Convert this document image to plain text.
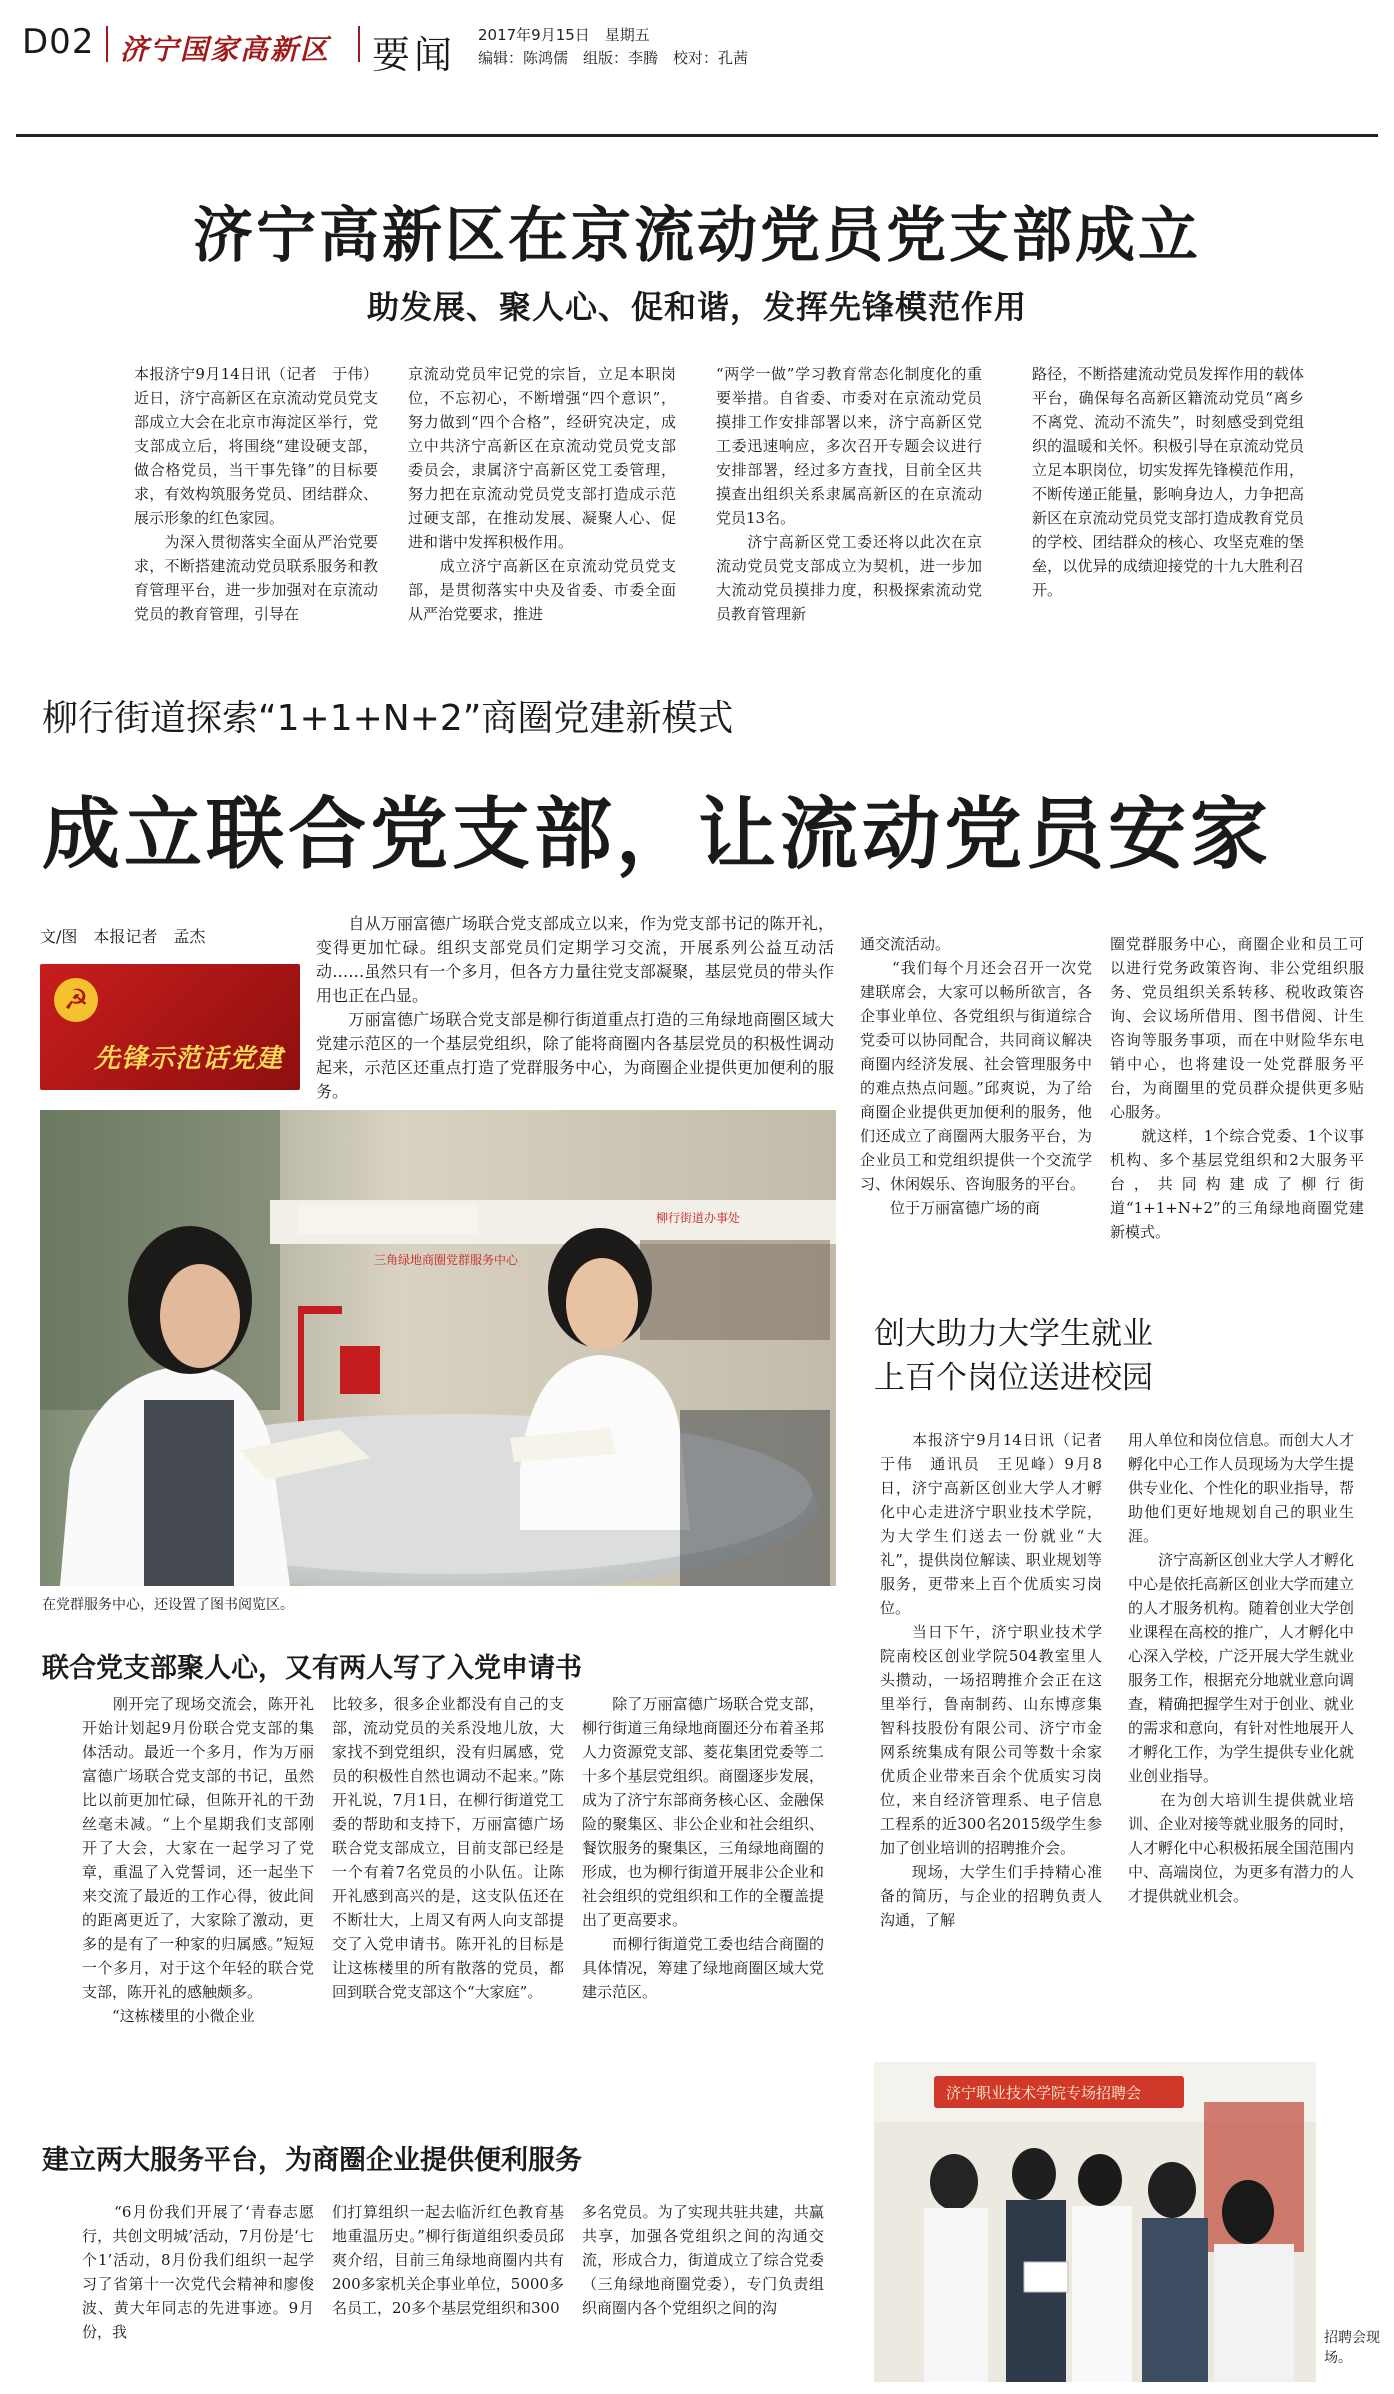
D02 济宁国家高新区 要闻 2017年9月15日　星期五
编辑：陈鸿儒　组版：李腾　校对：孔茜
济宁高新区在京流动党员党支部成立
助发展、聚人心、促和谐，发挥先锋模范作用
本报济宁9月14日讯（记者　于伟）近日，济宁高新区在京流动党员党支部成立大会在北京市海淀区举行，党支部成立后，将围绕“建设硬支部，做合格党员，当干事先锋”的目标要求，有效构筑服务党员、团结群众、展示形象的红色家园。
　　为深入贯彻落实全面从严治党要求，不断搭建流动党员联系服务和教育管理平台，进一步加强对在京流动党员的教育管理，引导在
京流动党员牢记党的宗旨，立足本职岗位，不忘初心，不断增强“四个意识”，努力做到“四个合格”，经研究决定，成立中共济宁高新区在京流动党员党支部委员会，隶属济宁高新区党工委管理，努力把在京流动党员党支部打造成示范过硬支部，在推动发展、凝聚人心、促进和谐中发挥积极作用。
　　成立济宁高新区在京流动党员党支部，是贯彻落实中央及省委、市委全面从严治党要求，推进
“两学一做”学习教育常态化制度化的重要举措。自省委、市委对在京流动党员摸排工作安排部署以来，济宁高新区党工委迅速响应，多次召开专题会议进行安排部署，经过多方查找，目前全区共摸查出组织关系隶属高新区的在京流动党员13名。
　　济宁高新区党工委还将以此次在京流动党员党支部成立为契机，进一步加大流动党员摸排力度，积极探索流动党员教育管理新
路径，不断搭建流动党员发挥作用的载体平台，确保每名高新区籍流动党员“离乡不离党、流动不流失”，时刻感受到党组织的温暖和关怀。积极引导在京流动党员立足本职岗位，切实发挥先锋模范作用，不断传递正能量，影响身边人，力争把高新区在京流动党员党支部打造成教育党员的学校、团结群众的核心、攻坚克难的堡垒，以优异的成绩迎接党的十九大胜利召开。
柳行街道探索“1+1+N+2”商圈党建新模式
成立联合党支部，让流动党员安家
文/图　本报记者　孟杰
☭
先锋示范话党建
　　自从万丽富德广场联合党支部成立以来，作为党支部书记的陈开礼，变得更加忙碌。组织支部党员们定期学习交流，开展系列公益互动活动……虽然只有一个多月，但各方力量往党支部凝聚，基层党员的带头作用也正在凸显。
　　万丽富德广场联合党支部是柳行街道重点打造的三角绿地商圈区域大党建示范区的一个基层党组织，除了能将商圈内各基层党员的积极性调动起来，示范区还重点打造了党群服务中心，为商圈企业提供更加便利的服务。
三角绿地商圈党群服务中心
柳行街道办事处
在党群服务中心，还设置了图书阅览区。
联合党支部聚人心，又有两人写了入党申请书
　　刚开完了现场交流会，陈开礼开始计划起9月份联合党支部的集体活动。最近一个多月，作为万丽富德广场联合党支部的书记，虽然比以前更加忙碌，但陈开礼的干劲丝毫未减。“上个星期我们支部刚开了大会，大家在一起学习了党章，重温了入党誓词，还一起坐下来交流了最近的工作心得，彼此间的距离更近了，大家除了激动，更多的是有了一种家的归属感。”短短一个多月，对于这个年轻的联合党支部，陈开礼的感触颇多。
　　“这栋楼里的小微企业
比较多，很多企业都没有自己的支部，流动党员的关系没地儿放，大家找不到党组织，没有归属感，党员的积极性自然也调动不起来。”陈开礼说，7月1日，在柳行街道党工委的帮助和支持下，万丽富德广场联合党支部成立，目前支部已经是一个有着7名党员的小队伍。让陈开礼感到高兴的是，这支队伍还在不断壮大，上周又有两人向支部提交了入党申请书。陈开礼的目标是让这栋楼里的所有散落的党员，都回到联合党支部这个“大家庭”。
　　除了万丽富德广场联合党支部，柳行街道三角绿地商圈还分布着圣邦人力资源党支部、菱花集团党委等二十多个基层党组织。商圈逐步发展，成为了济宁东部商务核心区、金融保险的聚集区、非公企业和社会组织、餐饮服务的聚集区，三角绿地商圈的形成，也为柳行街道开展非公企业和社会组织的党组织和工作的全覆盖提出了更高要求。
　　而柳行街道党工委也结合商圈的具体情况，筹建了绿地商圈区域大党建示范区。
通交流活动。
　　“我们每个月还会召开一次党建联席会，大家可以畅所欲言，各企事业单位、各党组织与街道综合党委可以协同配合，共同商议解决商圈内经济发展、社会管理服务中的难点热点问题。”邱爽说，为了给商圈企业提供更加便利的服务，他们还成立了商圈两大服务平台，为企业员工和党组织提供一个交流学习、休闲娱乐、咨询服务的平台。
　　位于万丽富德广场的商
圈党群服务中心，商圈企业和员工可以进行党务政策咨询、非公党组织服务、党员组织关系转移、税收政策咨询、会议场所借用、图书借阅、计生咨询等服务事项，而在中财险华东电销中心，也将建设一处党群服务平台，为商圈里的党员群众提供更多贴心服务。
　　就这样，1个综合党委、1个议事机构、多个基层党组织和2大服务平台，共同构建成了柳行街道“1+1+N+2”的三角绿地商圈党建新模式。
建立两大服务平台，为商圈企业提供便利服务
　　“6月份我们开展了‘青春志愿行，共创文明城’活动，7月份是‘七个1’活动，8月份我们组织一起学习了省第十一次党代会精神和廖俊波、黄大年同志的先进事迹。9月份，我
们打算组织一起去临沂红色教育基地重温历史。”柳行街道组织委员邱爽介绍，目前三角绿地商圈内共有200多家机关企事业单位，5000多名员工，20多个基层党组织和300
多名党员。为了实现共驻共建，共赢共享，加强各党组织之间的沟通交流，形成合力，街道成立了综合党委（三角绿地商圈党委），专门负责组织商圈内各个党组织之间的沟
创大助力大学生就业
上百个岗位送进校园
　　本报济宁9月14日讯（记者　于伟　通讯员　王见峰）9月8日，济宁高新区创业大学人才孵化中心走进济宁职业技术学院，为大学生们送去一份就业“大礼”，提供岗位解读、职业规划等服务，更带来上百个优质实习岗位。
　　当日下午，济宁职业技术学院南校区创业学院504教室里人头攒动，一场招聘推介会正在这里举行，鲁南制药、山东博彦集智科技股份有限公司、济宁市金网系统集成有限公司等数十余家优质企业带来百余个优质实习岗位，来自经济管理系、电子信息工程系的近300名2015级学生参加了创业培训的招聘推介会。
　　现场，大学生们手持精心准备的简历，与企业的招聘负责人沟通，了解
用人单位和岗位信息。而创大人才孵化中心工作人员现场为大学生提供专业化、个性化的职业指导，帮助他们更好地规划自己的职业生涯。
　　济宁高新区创业大学人才孵化中心是依托高新区创业大学而建立的人才服务机构。随着创业大学创业课程在高校的推广，人才孵化中心深入学校，广泛开展大学生就业服务工作，根据充分地就业意向调查，精确把握学生对于创业、就业的需求和意向，有针对性地展开人才孵化工作，为学生提供专业化就业创业指导。
　　在为创大培训生提供就业培训、企业对接等就业服务的同时，人才孵化中心积极拓展全国范围内中、高端岗位，为更多有潜力的人才提供就业机会。
济宁职业技术学院专场招聘会
招聘会现场。
